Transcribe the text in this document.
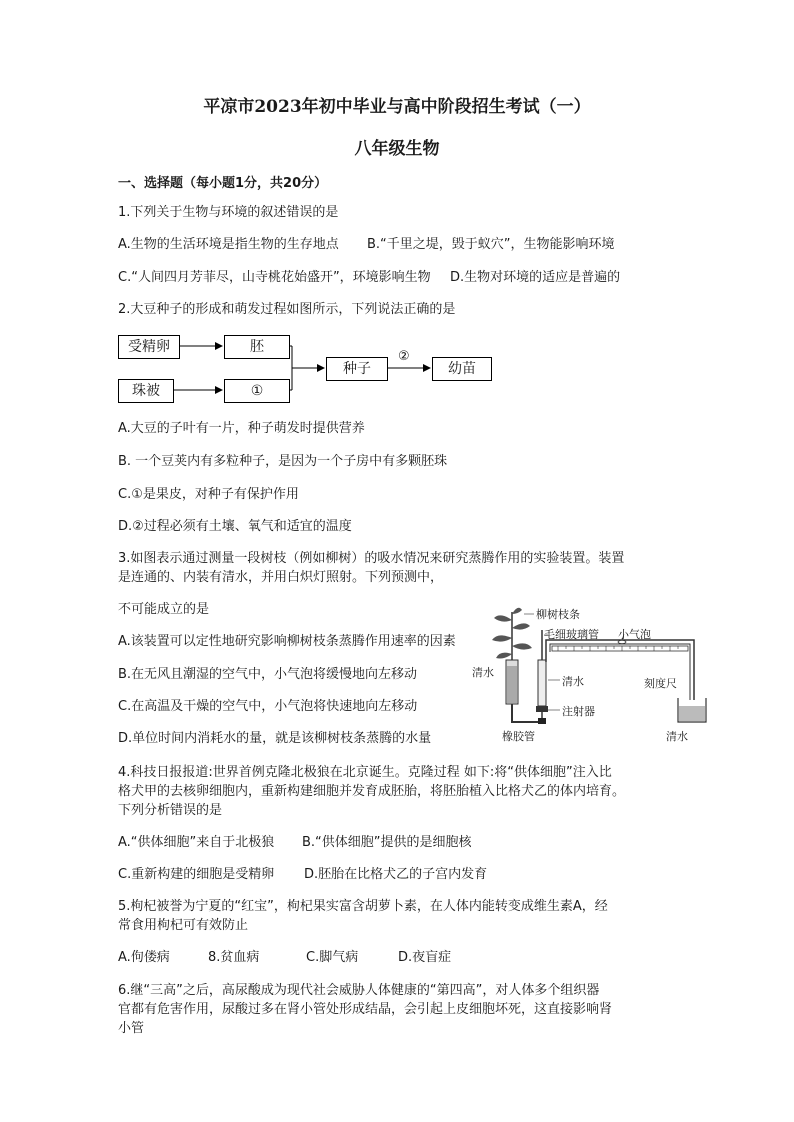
平凉市2023年初中毕业与高中阶段招生考试（一）
八年级生物
一、选择题（每小题1分，共20分）
1.下列关于生物与环境的叙述错误的是
A.生物的生活环境是指生物的生存地点 B.“千里之堤，毁于蚁穴”，生物能影响环境
C.“人间四月芳菲尽，山寺桃花始盛开”，环境影响生物 D.生物对环境的适应是普遍的
2.大豆种子的形成和萌发过程如图所示，下列说法正确的是
受精卵
珠被
胚
①
种子
②
幼苗
A.大豆的子叶有一片，种子萌发时提供营养
B. 一个豆荚内有多粒种子，是因为一个子房中有多颗胚珠
C.①是果皮，对种子有保护作用
D.②过程必须有土壤、氧气和适宜的温度
3.如图表示通过测量一段树枝（例如柳树）的吸水情况来研究蒸腾作用的实验装置。装置
是连通的、内装有清水，并用白炽灯照射。下列预测中，
不可能成立的是
A.该装置可以定性地研究影响柳树枝条蒸腾作用速率的因素
B.在无风且潮湿的空气中，小气泡将缓慢地向左移动
C.在高温及干燥的空气中，小气泡将快速地向左移动
D.单位时间内消耗水的量，就是该柳树枝条蒸腾的水量
柳树枝条
毛细玻璃管 小气泡
清水
清水	刻度尺
注射器
橡胶管	清水
4.科技日报报道:世界首例克隆北极狼在北京诞生。克隆过程 如下:将“供体细胞”注入比
格犬甲的去核卵细胞内，重新构建细胞并发育成胚胎，将胚胎植入比格犬乙的体内培育。
下列分析错误的是
A.“供体细胞”来自于北极狼 B.“供体细胞”提供的是细胞核
C.重新构建的细胞是受精卵 D.胚胎在比格犬乙的子宫内发育
5.枸杞被誉为宁夏的“红宝”，枸杞果实富含胡萝卜素，在人体内能转变成维生素A，经
常食用枸杞可有效防止
A.佝偻病	8.贫血病	C.脚气病	D.夜盲症
6.继“三高”之后，高尿酸成为现代社会威胁人体健康的“第四高”，对人体多个组织器
官都有危害作用，尿酸过多在肾小管处形成结晶，会引起上皮细胞坏死，这直接影响肾
小管
